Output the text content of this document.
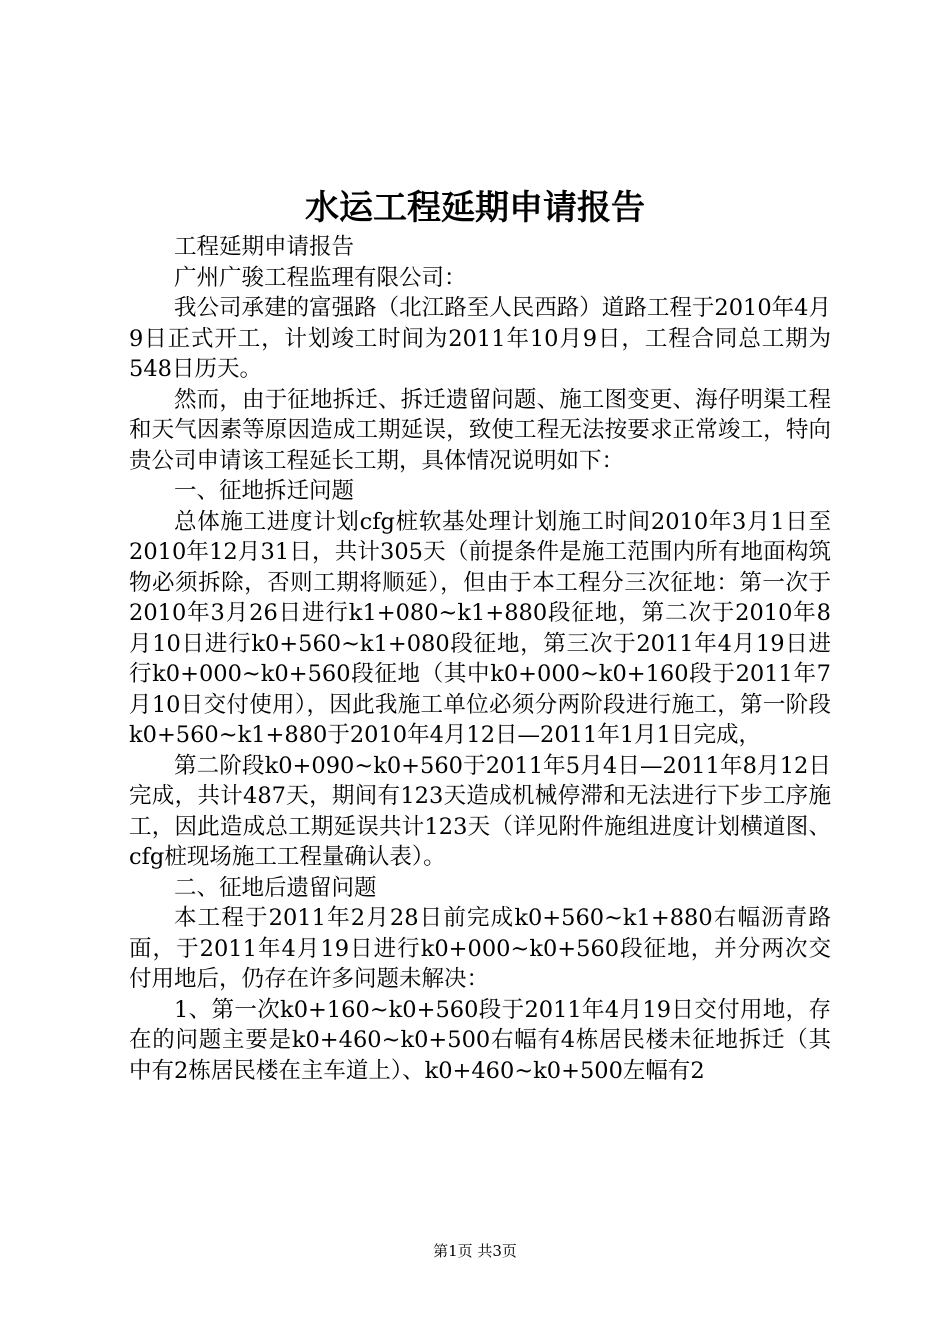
水运工程延期申请报告

工程延期申请报告

广州广骏工程监理有限公司：

我公司承建的富强路（北江路至人民西路）道路工程于2010年4月9日正式开工，计划竣工时间为2011年10月9日，工程合同总工期为548日历天。

然而，由于征地拆迁、拆迁遗留问题、施工图变更、海仔明渠工程和天气因素等原因造成工期延误，致使工程无法按要求正常竣工，特向贵公司申请该工程延长工期，具体情况说明如下：

一、征地拆迁问题

总体施工进度计划cfg桩软基处理计划施工时间2010年3月1日至2010年12月31日，共计305天（前提条件是施工范围内所有地面构筑物必须拆除，否则工期将顺延），但由于本工程分三次征地：第一次于2010年3月26日进行k1+080~k1+880段征地，第二次于2010年8月10日进行k0+560~k1+080段征地，第三次于2011年4月19日进行k0+000~k0+560段征地（其中k0+000~k0+160段于2011年7月10日交付使用），因此我施工单位必须分两阶段进行施工，第一阶段k0+560~k1+880于2010年4月12日—2011年1月1日完成，

第二阶段k0+090~k0+560于2011年5月4日—2011年8月12日完成，共计487天，期间有123天造成机械停滞和无法进行下步工序施工，因此造成总工期延误共计123天（详见附件施组进度计划横道图、cfg桩现场施工工程量确认表）。

二、征地后遗留问题

本工程于2011年2月28日前完成k0+560~k1+880右幅沥青路面，于2011年4月19日进行k0+000~k0+560段征地，并分两次交付用地后，仍存在许多问题未解决：

1、第一次k0+160~k0+560段于2011年4月19日交付用地，存在的问题主要是k0+460~k0+500右幅有4栋居民楼未征地拆迁（其中有2栋居民楼在主车道上）、k0+460~k0+500左幅有2

第1页 共3页
